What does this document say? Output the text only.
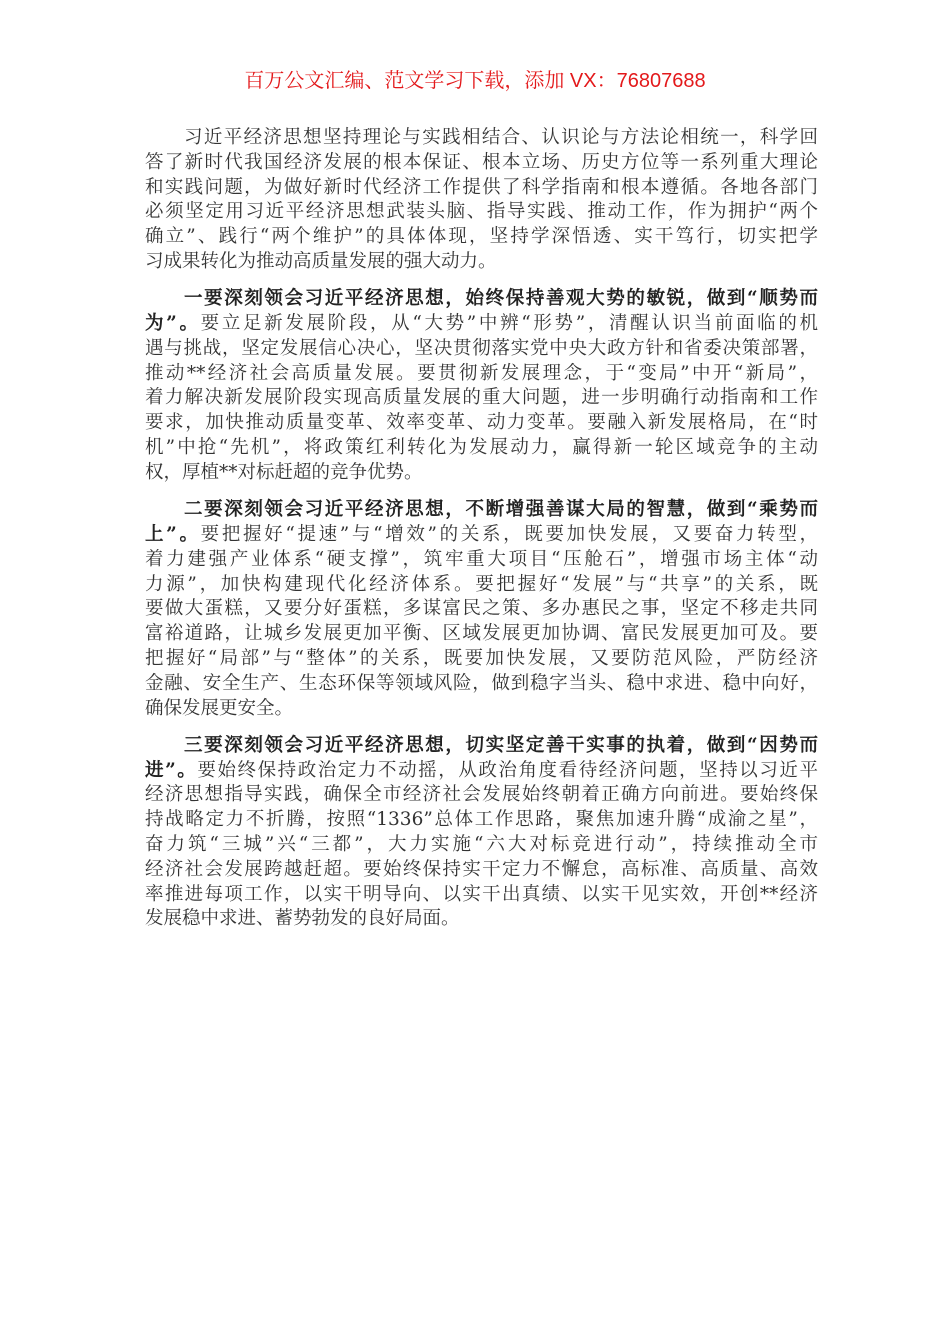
百万公文汇编、范文学习下载，添加 VX：76807688
习近平经济思想坚持理论与实践相结合、认识论与方法论相统一，科学回
答了新时代我国经济发展的根本保证、根本立场、历史方位等一系列重大理论
和实践问题，为做好新时代经济工作提供了科学指南和根本遵循。各地各部门
必须坚定用习近平经济思想武装头脑、指导实践、推动工作，作为拥护“两个
确立”、践行“两个维护”的具体体现，坚持学深悟透、实干笃行，切实把学
习成果转化为推动高质量发展的强大动力。
一要深刻领会习近平经济思想，始终保持善观大势的敏锐，做到“顺势而
为”。要立足新发展阶段，从“大势”中辨“形势”，清醒认识当前面临的机
遇与挑战，坚定发展信心决心，坚决贯彻落实党中央大政方针和省委决策部署，
推动**经济社会高质量发展。要贯彻新发展理念，于“变局”中开“新局”，
着力解决新发展阶段实现高质量发展的重大问题，进一步明确行动指南和工作
要求，加快推动质量变革、效率变革、动力变革。要融入新发展格局，在“时
机”中抢“先机”，将政策红利转化为发展动力，赢得新一轮区域竞争的主动
权，厚植**对标赶超的竞争优势。
二要深刻领会习近平经济思想，不断增强善谋大局的智慧，做到“乘势而
上”。要把握好“提速”与“增效”的关系，既要加快发展，又要奋力转型，
着力建强产业体系“硬支撑”，筑牢重大项目“压舱石”，增强市场主体“动
力源”，加快构建现代化经济体系。要把握好“发展”与“共享”的关系，既
要做大蛋糕，又要分好蛋糕，多谋富民之策、多办惠民之事，坚定不移走共同
富裕道路，让城乡发展更加平衡、区域发展更加协调、富民发展更加可及。要
把握好“局部”与“整体”的关系，既要加快发展，又要防范风险，严防经济
金融、安全生产、生态环保等领域风险，做到稳字当头、稳中求进、稳中向好，
确保发展更安全。
三要深刻领会习近平经济思想，切实坚定善干实事的执着，做到“因势而
进”。要始终保持政治定力不动摇，从政治角度看待经济问题，坚持以习近平
经济思想指导实践，确保全市经济社会发展始终朝着正确方向前进。要始终保
持战略定力不折腾，按照“1336”总体工作思路，聚焦加速升腾“成渝之星”，
奋力筑“三城”兴“三都”，大力实施“六大对标竞进行动”，持续推动全市
经济社会发展跨越赶超。要始终保持实干定力不懈怠，高标准、高质量、高效
率推进每项工作，以实干明导向、以实干出真绩、以实干见实效，开创**经济
发展稳中求进、蓄势勃发的良好局面。
